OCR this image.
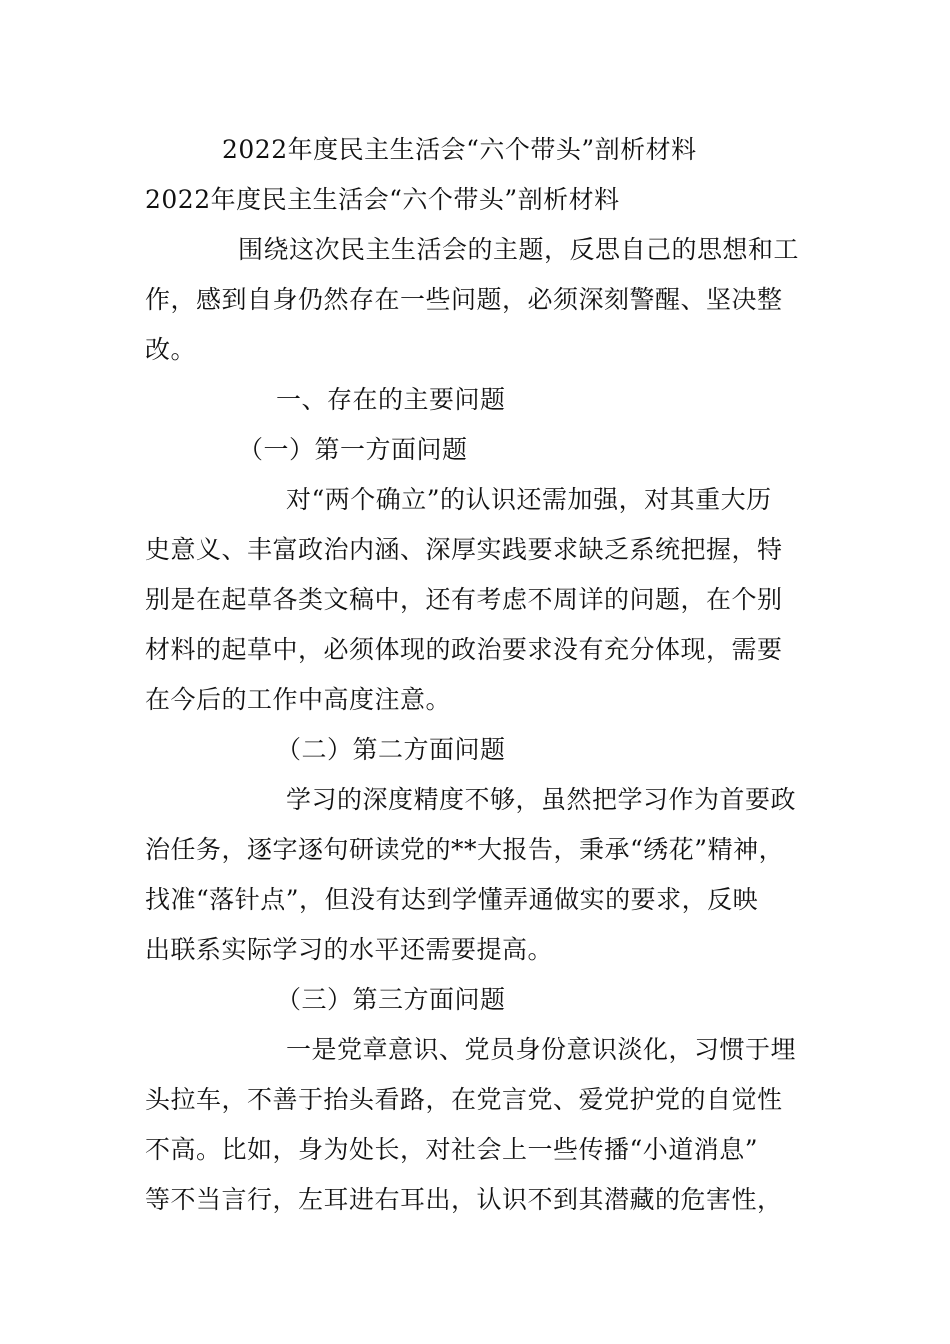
2022年度民主生活会“六个带头”剖析材料
2022年度民主生活会“六个带头”剖析材料
围绕这次民主生活会的主题，反思自己的思想和工
作，感到自身仍然存在一些问题，必须深刻警醒、坚决整
改。
一、存在的主要问题
（一）第一方面问题
对“两个确立”的认识还需加强，对其重大历
史意义、丰富政治内涵、深厚实践要求缺乏系统把握，特
别是在起草各类文稿中，还有考虑不周详的问题，在个别
材料的起草中，必须体现的政治要求没有充分体现，需要
在今后的工作中高度注意。
（二）第二方面问题
学习的深度精度不够，虽然把学习作为首要政
治任务，逐字逐句研读党的**大报告，秉承“绣花”精神，
找准“落针点”，但没有达到学懂弄通做实的要求，反映
出联系实际学习的水平还需要提高。
（三）第三方面问题
一是党章意识、党员身份意识淡化，习惯于埋
头拉车，不善于抬头看路，在党言党、爱党护党的自觉性
不高。比如，身为处长，对社会上一些传播“小道消息”
等不当言行，左耳进右耳出，认识不到其潜藏的危害性，
